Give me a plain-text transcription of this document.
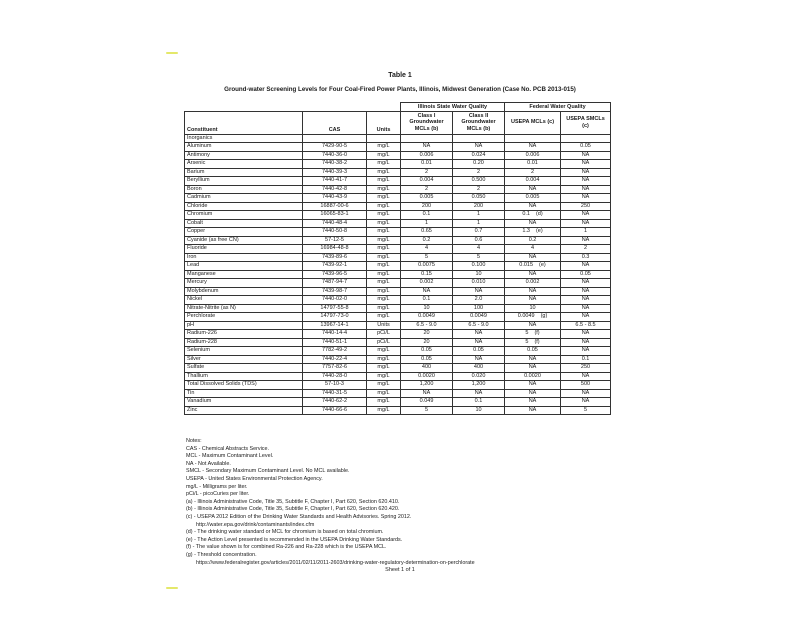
Table 1
Ground-water Screening Levels for Four Coal-Fired Power Plants, Illinois, Midwest Generation (Case No. PCB 2013-015)
			Illinois State Water Quality		Federal Water Quality	
Constituent	CAS	Units	Class I Groundwater MCLs (b)	Class II Groundwater MCLs (b)	USEPA MCLs (c)	USEPA SMCLs (c)
Inorganics						
Aluminum	7429-90-5	mg/L	NA	NA	NA	0.05
Antimony	7440-36-0	mg/L	0.006	0.024	0.006	NA
Arsenic	7440-38-2	mg/L	0.01	0.20	0.01	NA
Barium	7440-39-3	mg/L	2	2	2	NA
Beryllium	7440-41-7	mg/L	0.004	0.500	0.004	NA
Boron	7440-42-8	mg/L	2	2	NA	NA
Cadmium	7440-43-9	mg/L	0.005	0.050	0.005	NA
Chloride	16887-00-6	mg/L	200	200	NA	250
Chromium	16065-83-1	mg/L	0.1	1	0.1 (d)	NA
Cobalt	7440-48-4	mg/L	1	1	NA	NA
Copper	7440-50-8	mg/L	0.65	0.7	1.3 (e)	1
Cyanide (as free CN)	57-12-5	mg/L	0.2	0.6	0.2	NA
Fluoride	16984-48-8	mg/L	4	4	4	2
Iron	7439-89-6	mg/L	5	5	NA	0.3
Lead	7439-92-1	mg/L	0.0075	0.100	0.015 (e)	NA
Manganese	7439-96-5	mg/L	0.15	10	NA	0.05
Mercury	7487-94-7	mg/L	0.002	0.010	0.002	NA
Molybdenum	7439-98-7	mg/L	NA	NA	NA	NA
Nickel	7440-02-0	mg/L	0.1	2.0	NA	NA
Nitrate-Nitrite (as N)	14797-55-8	mg/L	10	100	10	NA
Perchlorate	14797-73-0	mg/L	0.0049	0.0049	0.0049 (g)	NA
pH	13967-14-1	Units	6.5 - 9.0	6.5 - 9.0	NA	6.5 - 8.5
Radium-226	7440-14-4	pCi/L	20	NA	5 (f)	NA
Radium-228	7440-51-1	pCi/L	20	NA	5 (f)	NA
Selenium	7782-49-2	mg/L	0.05	0.05	0.05	NA
Silver	7440-22-4	mg/L	0.05	NA	NA	0.1
Sulfate	7757-82-6	mg/L	400	400	NA	250
Thallium	7440-28-0	mg/L	0.0020	0.020	0.0020	NA
Total Dissolved Solids (TDS)	57-10-3	mg/L	1,200	1,200	NA	500
Tin	7440-31-5	mg/L	NA	NA	NA	NA
Vanadium	7440-62-2	mg/L	0.049	0.1	NA	NA
Zinc	7440-66-6	mg/L	5	10	NA	5
Notes:
CAS - Chemical Abstracts Service.
MCL - Maximum Contaminant Level.
NA - Not Available.
SMCL - Secondary Maximum Contaminant Level. No MCL available.
USEPA - United States Environmental Protection Agency.
mg/L - Milligrams per liter.
pCi/L - picoCuries per liter.
(a) - Illinois Administrative Code, Title 35, Subtitle F, Chapter I, Part 620, Section 620.410.
(b) - Illinois Administrative Code, Title 35, Subtitle F, Chapter I, Part 620, Section 620.420.
(c) - USEPA 2012 Edition of the Drinking Water Standards and Health Advisories. Spring 2012.
http://water.epa.gov/drink/contaminants/index.cfm
(d) - The drinking water standard or MCL for chromium is based on total chromium.
(e) - The Action Level presented is recommended in the USEPA Drinking Water Standards.
(f) - The value shown is for combined Ra-226 and Ra-228 which is the USEPA MCL.
(g) - Threshold concentration.
https://www.federalregister.gov/articles/2011/02/11/2011-2603/drinking-water-regulatory-determination-on-perchlorate
Sheet 1 of 1
